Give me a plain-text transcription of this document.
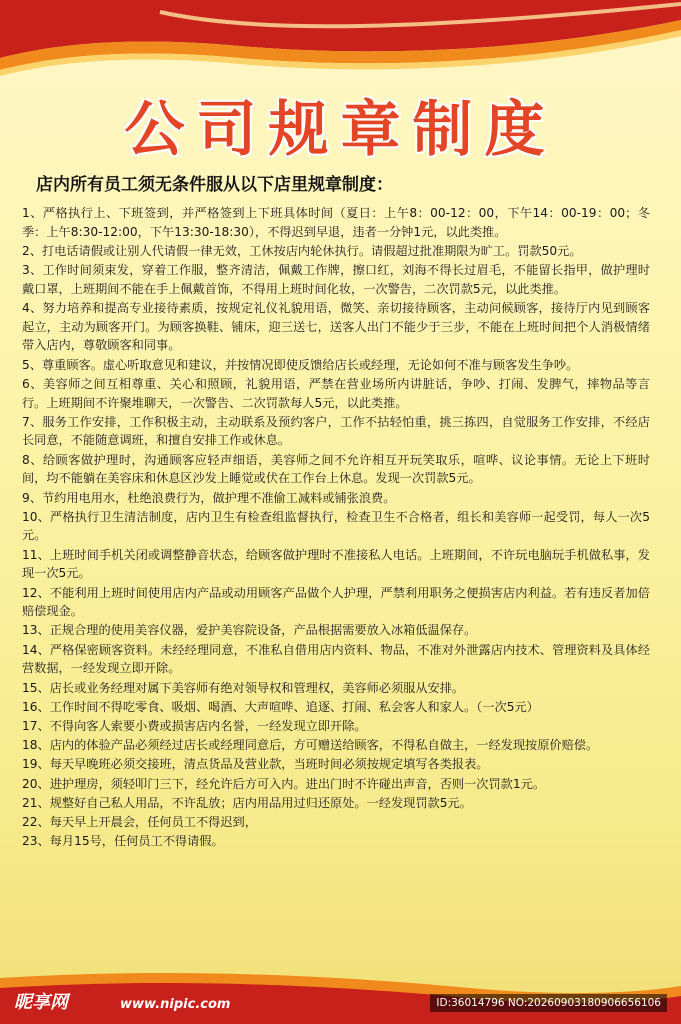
公司规章制度
店内所有员工须无条件服从以下店里规章制度：

1、严格执行上、下班签到，并严格签到上下班具体时间（夏日：上午8：00-12：00，下午14：00-19：00；冬季：上午8:30-12:00，下午13:30-18:30），不得迟到早退，违者一分钟1元，以此类推。

2、打电话请假或让别人代请假一律无效，工休按店内轮休执行。请假超过批准期限为旷工。罚款50元。

3、工作时间须束发，穿着工作服，整齐清洁，佩戴工作牌，擦口红，刘海不得长过眉毛，不能留长指甲，做护理时戴口罩，上班期间不能在手上佩戴首饰，不得用上班时间化妆，一次警告，二次罚款5元，以此类推。

4、努力培养和提高专业接待素质，按规定礼仪礼貌用语，微笑、亲切接待顾客，主动问候顾客，接待厅内见到顾客起立，主动为顾客开门。为顾客换鞋、铺床，迎三送七，送客人出门不能少于三步，不能在上班时间把个人消极情绪带入店内，尊敬顾客和同事。

5、尊重顾客。虚心听取意见和建议，并按情况即使反馈给店长或经理，无论如何不准与顾客发生争吵。

6、美容师之间互相尊重、关心和照顾，礼貌用语，严禁在营业场所内讲脏话，争吵、打闹、发脾气，摔物品等言行。上班期间不许聚堆聊天，一次警告、二次罚款每人5元，以此类推。

7、服务工作安排，工作积极主动，主动联系及预约客户，工作不拈轻怕重，挑三拣四，自觉服务工作安排，不经店长同意，不能随意调班，和擅自安排工作或休息。

8、给顾客做护理时，沟通顾客应轻声细语，美容师之间不允许相互开玩笑取乐，喧哗、议论事情。无论上下班时间，均不能躺在美容床和休息区沙发上睡觉或伏在工作台上休息。发现一次罚款5元。

9、节约用电用水，杜绝浪费行为，做护理不准偷工减料或铺张浪费。

10、严格执行卫生清洁制度，店内卫生有检查组监督执行，检查卫生不合格者，组长和美容师一起受罚，每人一次5元。

11、上班时间手机关闭或调整静音状态，给顾客做护理时不准接私人电话。上班期间，不许玩电脑玩手机做私事，发现一次5元。

12、不能利用上班时间使用店内产品或动用顾客产品做个人护理，严禁利用职务之便损害店内利益。若有违反者加倍赔偿现金。

13、正规合理的使用美容仪器，爱护美容院设备，产品根据需要放入冰箱低温保存。

14、严格保密顾客资料。未经经理同意，不准私自借用店内资料、物品，不准对外泄露店内技术、管理资料及具体经营数据，一经发现立即开除。

15、店长或业务经理对属下美容师有绝对领导权和管理权，美容师必须服从安排。

16、工作时间不得吃零食、吸烟、喝酒、大声喧哗、追逐、打闹、私会客人和家人。（一次5元）

17、不得向客人索要小费或损害店内名誉，一经发现立即开除。

18、店内的体验产品必须经过店长或经理同意后，方可赠送给顾客，不得私自做主，一经发现按原价赔偿。

19、每天早晚班必须交接班，清点货品及营业款，当班时间必须按规定填写各类报表。

20、进护理房，须轻叩门三下，经允许后方可入内。进出门时不许碰出声音，否则一次罚款1元。

21、规整好自己私人用品，不许乱放；店内用品用过归还原处。一经发现罚款5元。

22、每天早上开晨会，任何员工不得迟到，

23、每月15号，任何员工不得请假。

昵享网	www.nipic.com	ID:36014796 NO:20260903180906656106
